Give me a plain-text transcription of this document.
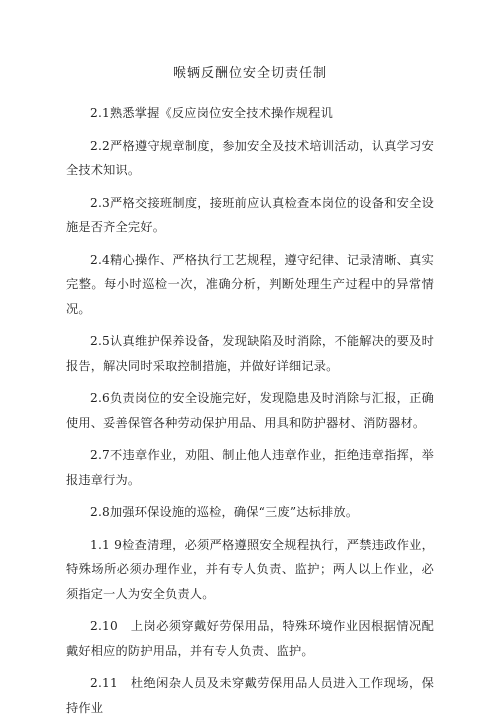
喉辆反酬位安全切责任制

2.1熟悉掌握《反应岗位安全技术操作规程讥

2.2严格遵守规章制度，参加安全及技术培训活动，认真学习安全技术知识。

2.3严格交接班制度，接班前应认真检查本岗位的设备和安全设施是否齐全完好。

2.4精心操作、严格执行工艺规程，遵守纪律、记录清晰、真实完整。每小时巡检一次，准确分析，判断处理生产过程中的异常情况。

2.5认真维护保养设备，发现缺陷及时消除，不能解决的要及时报告，解决同时采取控制措施，并做好详细记录。

2.6负责岗位的安全设施完好，发现隐患及时消除与汇报，正确使用、妥善保管各种劳动保护用品、用具和防护器材、消防器材。

2.7不违章作业，劝阻、制止他人违章作业，拒绝违章指挥，举报违章行为。

2.8加强环保设施的巡检，确保“三废”达标排放。

1.1 9检查清理，必须严格遵照安全规程执行，严禁违政作业，特殊场所必须办理作业，并有专人负责、监护；两人以上作业，必须指定一人为安全负责人。

2.10　上岗必须穿戴好劳保用品，特殊环境作业因根据情况配戴好相应的防护用品，并有专人负责、监护。

2.11　杜绝闲杂人员及未穿戴劳保用品人员进入工作现场，保持作业
